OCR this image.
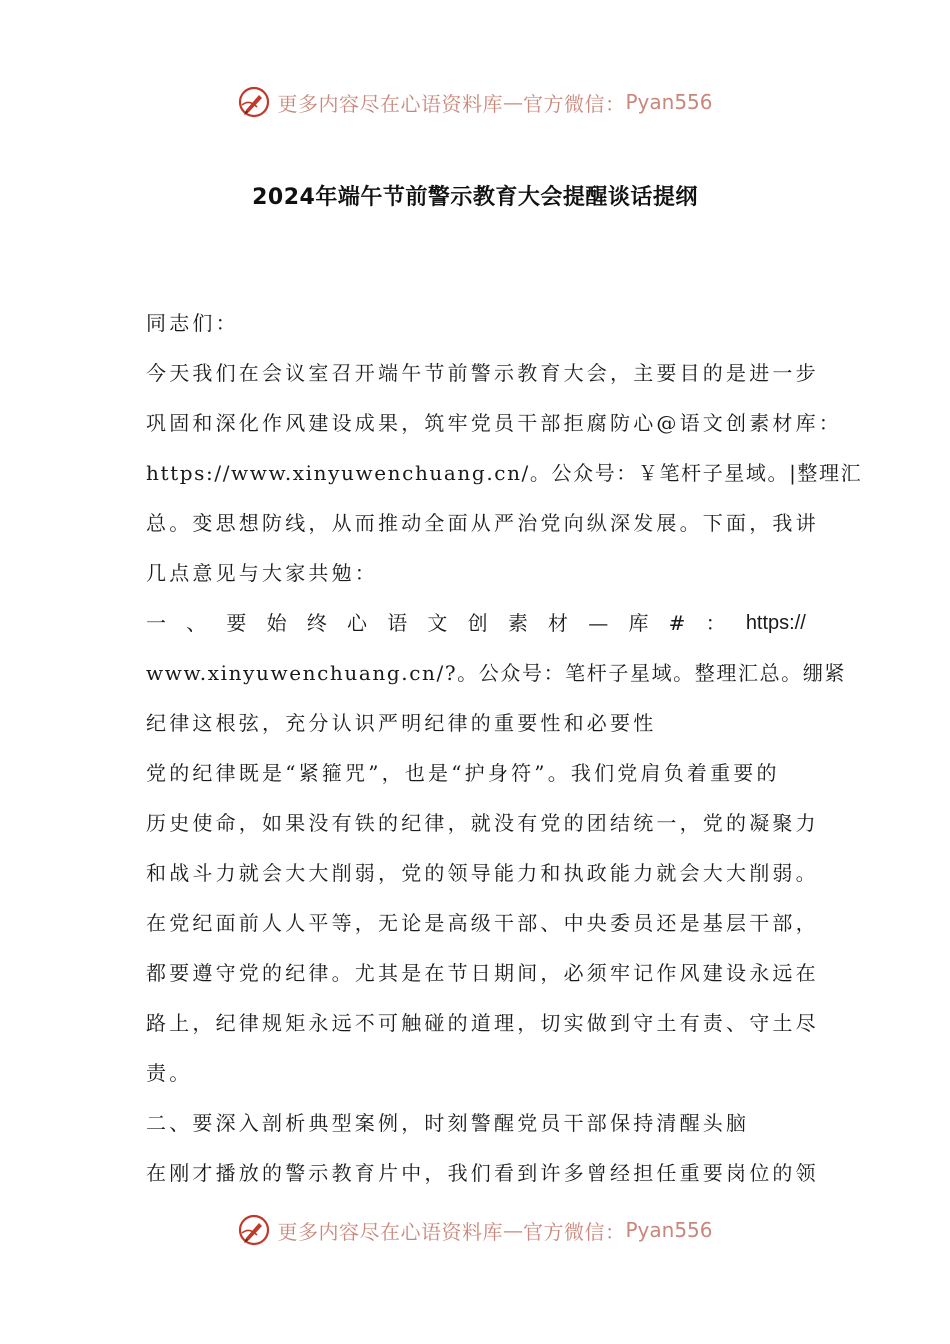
更多内容尽在心语资料库 — 官方微信： Pyan556
2024年端午节前警示教育大会提醒谈话提纲
同志们：
今天我们在会议室召开端午节前警示教育大会，主要目的是进一步
巩固和深化作风建设成果，筑牢党员干部拒腐防心@语文创素材库：
https://www.xinyuwenchuang.cn/。公众号：￥笔杆子星域。|整理汇
总。变思想防线，从而推动全面从严治党向纵深发展。下面，我讲
几点意见与大家共勉：
一 、 要 始 终 心 语 文 创 素 材 — 库 # ： https://
www.xinyuwenchuang.cn/?。公众号：笔杆子星域。整理汇总。绷紧
纪律这根弦，充分认识严明纪律的重要性和必要性
党的纪律既是“紧箍咒”，也是“护身符”。我们党肩负着重要的
历史使命，如果没有铁的纪律，就没有党的团结统一，党的凝聚力
和战斗力就会大大削弱，党的领导能力和执政能力就会大大削弱。
在党纪面前人人平等，无论是高级干部、中央委员还是基层干部，
都要遵守党的纪律。尤其是在节日期间，必须牢记作风建设永远在
路上，纪律规矩永远不可触碰的道理，切实做到守土有责、守土尽
责。
二、要深入剖析典型案例，时刻警醒党员干部保持清醒头脑
在刚才播放的警示教育片中，我们看到许多曾经担任重要岗位的领
更多内容尽在心语资料库 — 官方微信： Pyan556
